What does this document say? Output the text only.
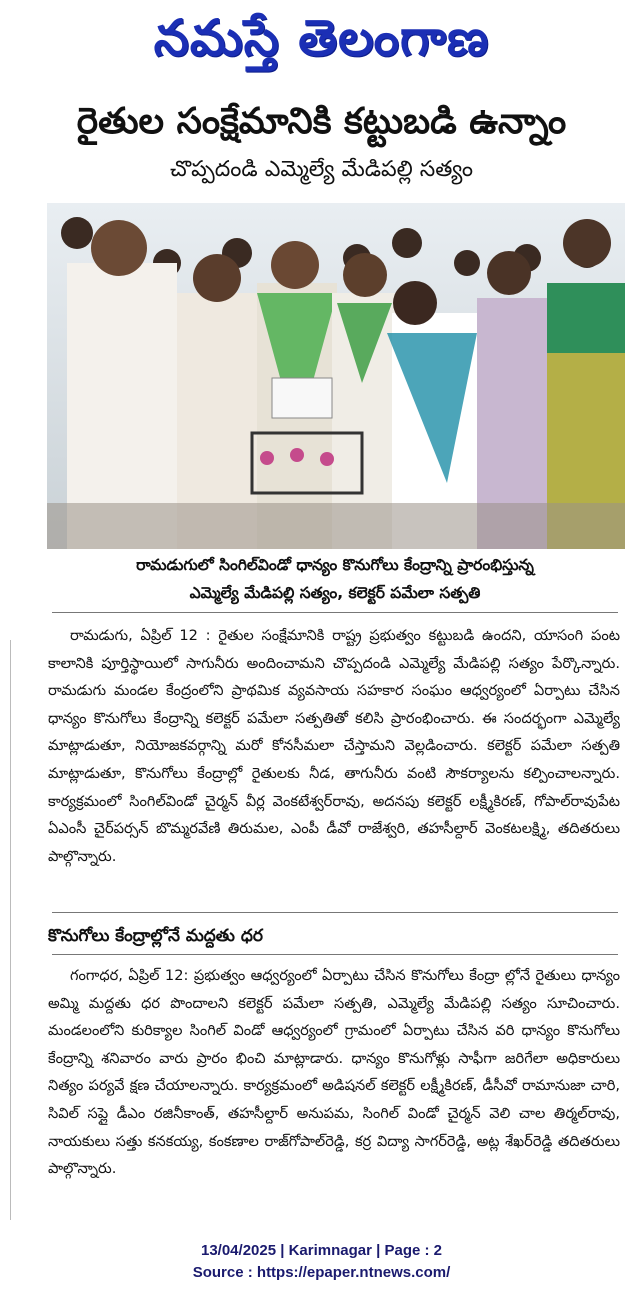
నమస్తే తెలంగాణ
రైతుల సంక్షేమానికి కట్టుబడి ఉన్నాం
చొప్పదండి ఎమ్మెల్యే మేడిపల్లి సత్యం
రామడుగులో సింగిల్‌విండో ధాన్యం కొనుగోలు కేంద్రాన్ని ప్రారంభిస్తున్న
ఎమ్మెల్యే మేడిపల్లి సత్యం, కలెక్టర్ పమేలా సత్పతి
రామడుగు, ఏప్రిల్ 12 : రైతుల సంక్షేమానికి రాష్ట్ర ప్రభుత్వం కట్టుబడి ఉందని, యాసంగి పంట కాలానికి పూర్తిస్థాయిలో సాగునీరు అందించామని చొప్పదండి ఎమ్మెల్యే మేడిపల్లి సత్యం పేర్కొన్నారు. రామడుగు మండల కేంద్రంలోని ప్రాథమిక వ్యవసాయ సహకార సంఘం ఆధ్వర్యంలో ఏర్పాటు చేసిన ధాన్యం కొనుగోలు కేంద్రాన్ని కలెక్టర్ పమేలా సత్పతితో కలిసి ప్రారంభించారు. ఈ సందర్భంగా ఎమ్మెల్యే మాట్లాడుతూ, నియోజకవర్గాన్ని మరో కోనసీమలా చేస్తామని వెల్లడించారు. కలెక్టర్ పమేలా సత్పతి మాట్లాడుతూ, కొనుగోలు కేంద్రాల్లో రైతులకు నీడ, తాగునీరు వంటి సౌకర్యాలను కల్పించాలన్నారు. కార్యక్రమంలో సింగిల్‌విండో చైర్మన్ వీర్ల వెంకటేశ్వర్‌రావు, అదనపు కలెక్టర్ లక్ష్మీకిరణ్, గోపాల్‌రావుపేట ఏఎంసీ చైర్‌పర్సన్ బొమ్మరవేణి తిరుమల, ఎంపీ డీవో రాజేశ్వరి, తహసీల్దార్ వెంకటలక్ష్మి, తదితరులు పాల్గొన్నారు.
కొనుగోలు కేంద్రాల్లోనే మద్దతు ధర
గంగాధర, ఏప్రిల్ 12: ప్రభుత్వం ఆధ్వర్యంలో ఏర్పాటు చేసిన కొనుగోలు కేంద్రా ల్లోనే రైతులు ధాన్యం అమ్మి మద్దతు ధర పొందాలని కలెక్టర్ పమేలా సత్పతి, ఎమ్మెల్యే మేడిపల్లి సత్యం సూచించారు. మండలంలోని కురిక్యాల సింగిల్ విండో ఆధ్వర్యంలో గ్రామంలో ఏర్పాటు చేసిన వరి ధాన్యం కొనుగోలు కేంద్రాన్ని శనివారం వారు ప్రారం భించి మాట్లాడారు. ధాన్యం కొనుగోళ్లు సాఫీగా జరిగేలా అధికారులు నిత్యం పర్యవే క్షణ చేయాలన్నారు. కార్యక్రమంలో అడిషనల్ కలెక్టర్ లక్ష్మీకిరణ్, డీసీవో రామానుజా చారి, సివిల్ సప్లై డీఎం రజినీకాంత్, తహసీల్దార్ అనుపమ, సింగిల్ విండో చైర్మన్ వెలి చాల తిర్మల్‌రావు, నాయకులు సత్తు కనకయ్య, కంకణాల రాజ్‌గోపాల్‌రెడ్డి, కర్ర విద్యా సాగర్‌రెడ్డి, అట్ల శేఖర్‌రెడ్డి తదితరులు పాల్గొన్నారు.
13/04/2025 | Karimnagar | Page : 2
Source : https://epaper.ntnews.com/
